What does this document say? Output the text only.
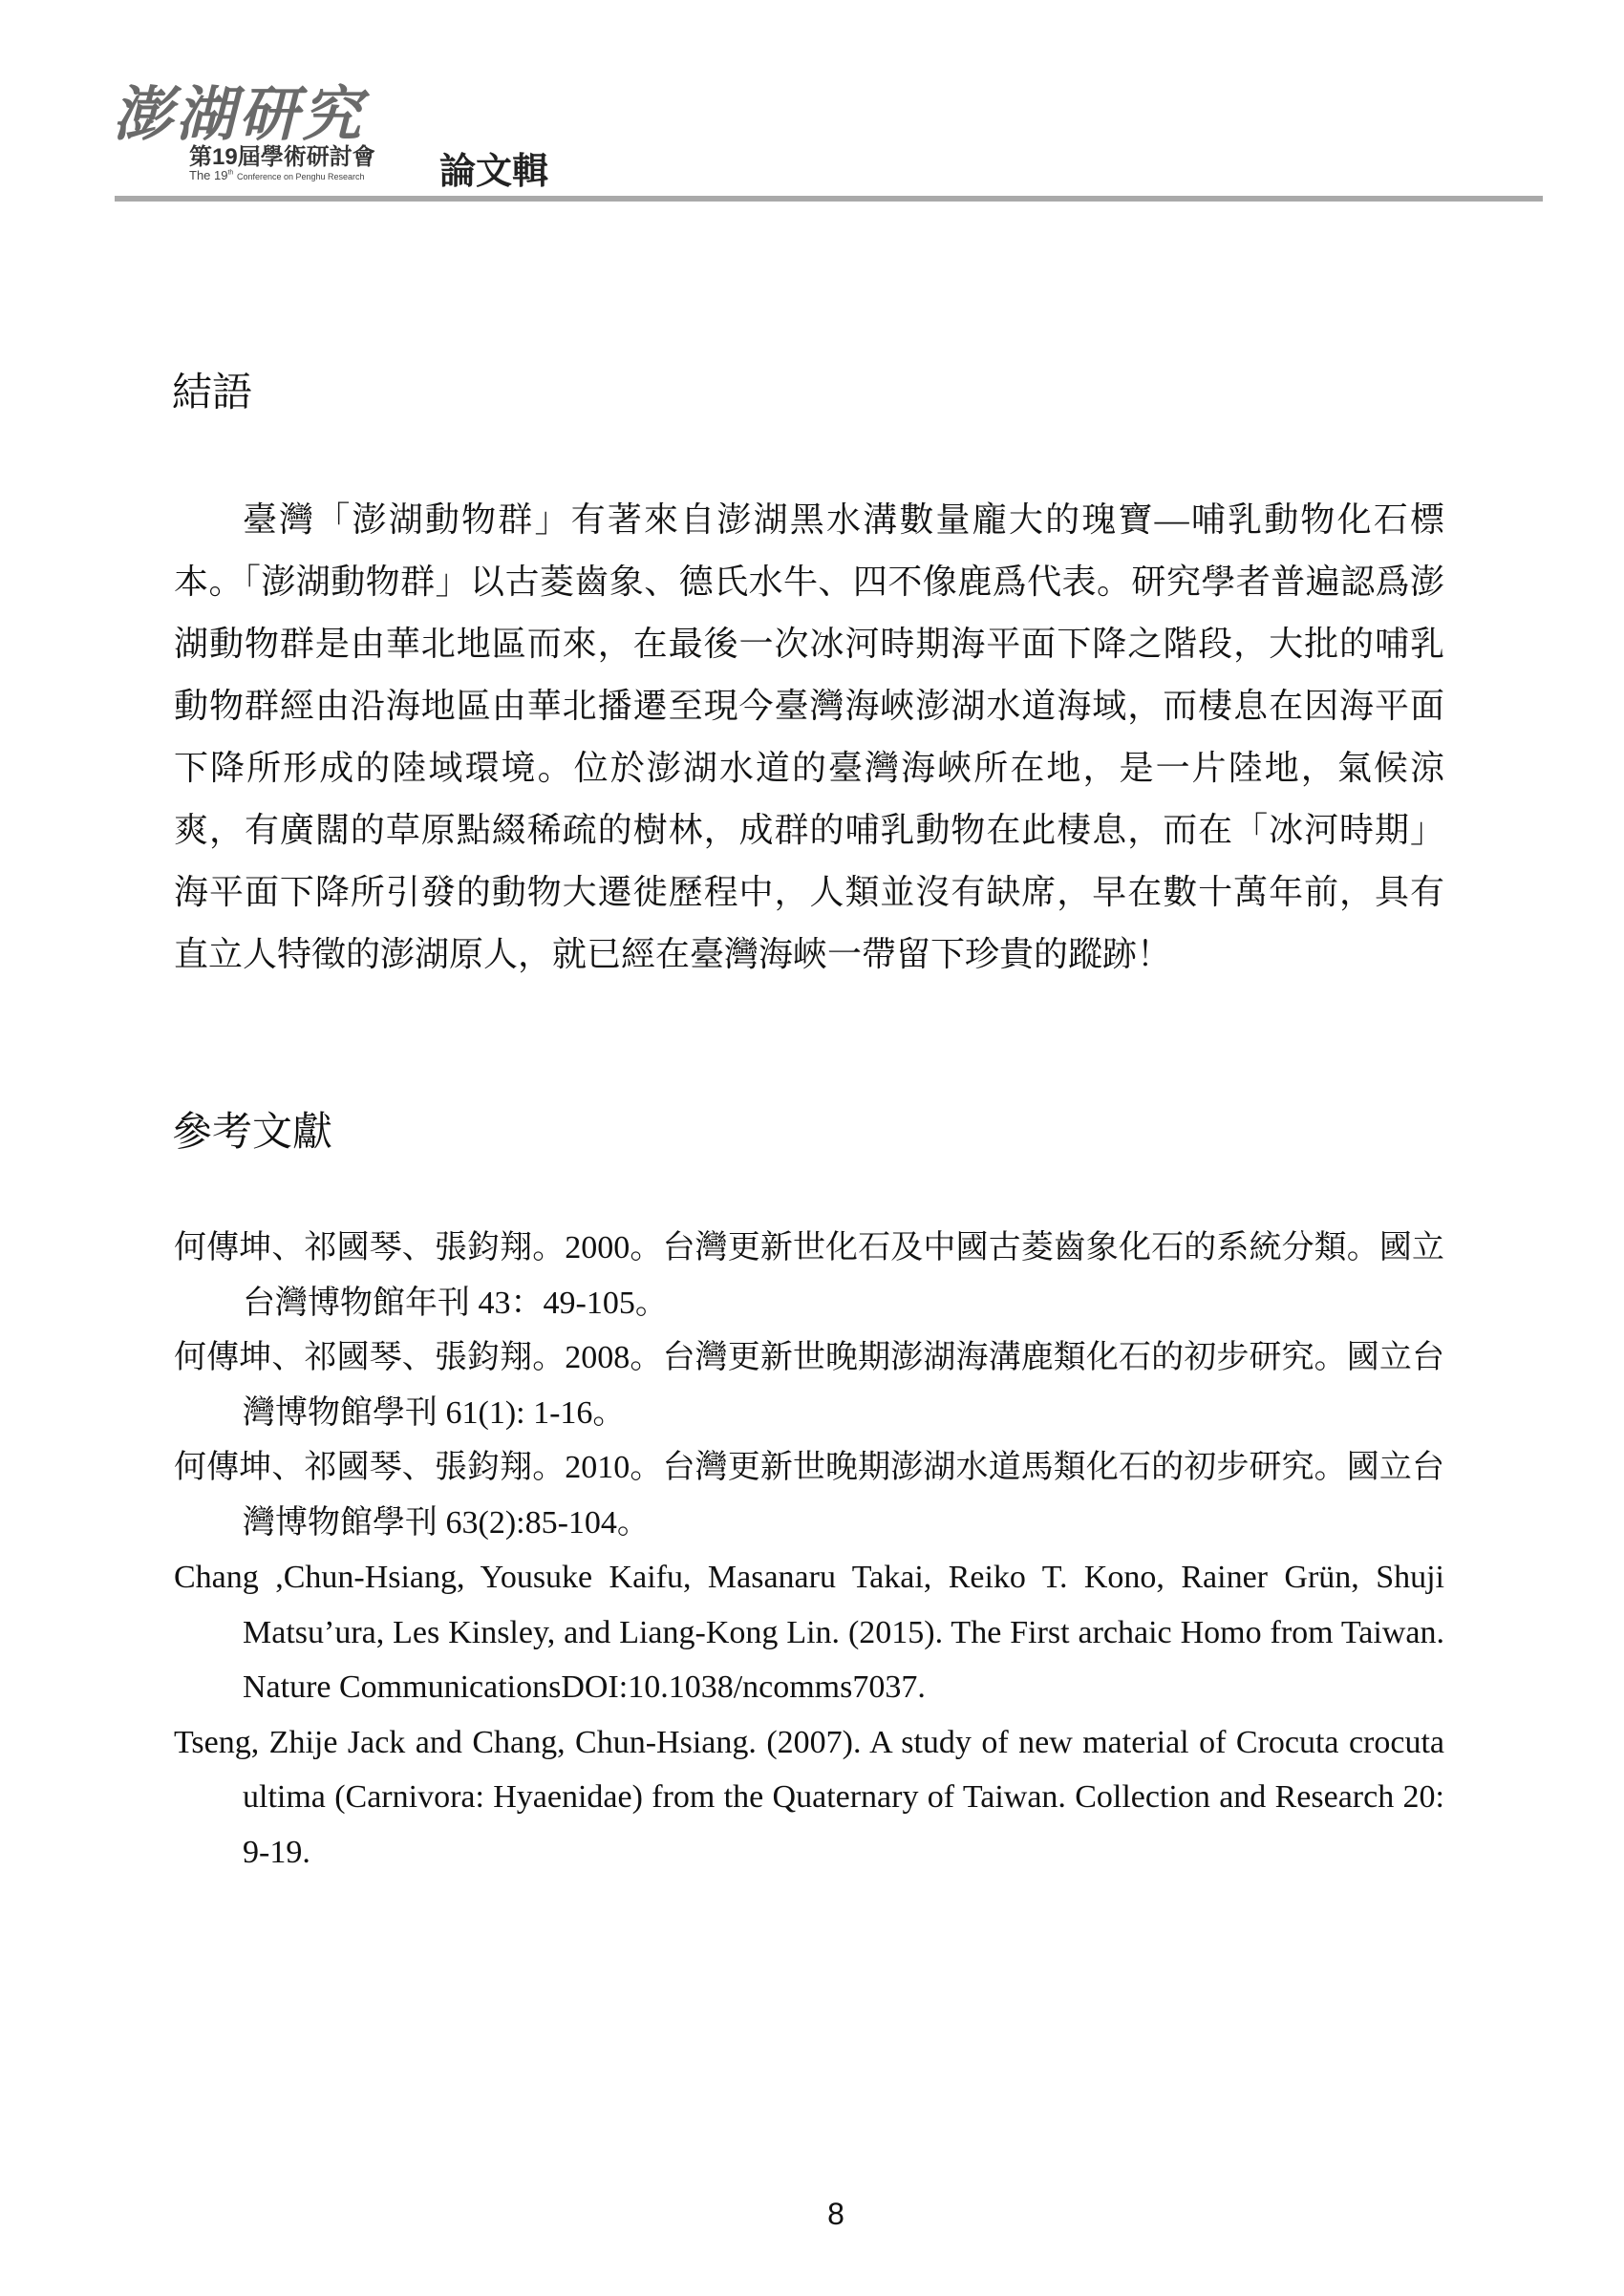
澎湖研究
第19屆學術研討會
The 19th Conference on Penghu Research 論文輯
結語
臺灣「澎湖動物群」有著來自澎湖黑水溝數量龐大的瑰寶—哺乳動物化石標本。「澎湖動物群」以古菱齒象、德氏水牛、四不像鹿爲代表。研究學者普遍認爲澎湖動物群是由華北地區而來，在最後一次冰河時期海平面下降之階段，大批的哺乳動物群經由沿海地區由華北播遷至現今臺灣海峽澎湖水道海域，而棲息在因海平面下降所形成的陸域環境。位於澎湖水道的臺灣海峽所在地，是一片陸地，氣候涼爽，有廣闊的草原點綴稀疏的樹林，成群的哺乳動物在此棲息，而在「冰河時期」海平面下降所引發的動物大遷徙歷程中，人類並沒有缺席，早在數十萬年前，具有直立人特徵的澎湖原人，就已經在臺灣海峽一帶留下珍貴的蹤跡！
參考文獻
何傳坤、祁國琴、張鈞翔。2000。台灣更新世化石及中國古菱齒象化石的系統分類。國立台灣博物館年刊 43：49-105。
何傳坤、祁國琴、張鈞翔。2008。台灣更新世晚期澎湖海溝鹿類化石的初步研究。國立台灣博物館學刊 61(1): 1-16。
何傳坤、祁國琴、張鈞翔。2010。台灣更新世晚期澎湖水道馬類化石的初步研究。國立台灣博物館學刊 63(2):85-104。
Chang ,Chun-Hsiang, Yousuke Kaifu, Masanaru Takai, Reiko T. Kono, Rainer Grün, Shuji Matsu’ura, Les Kinsley, and Liang-Kong Lin. (2015). The First archaic Homo from Taiwan. Nature CommunicationsDOI:10.1038/ncomms7037.
Tseng, Zhije Jack and Chang, Chun-Hsiang. (2007). A study of new material of Crocuta crocuta ultima (Carnivora: Hyaenidae) from the Quaternary of Taiwan. Collection and Research 20: 9-19.
8
